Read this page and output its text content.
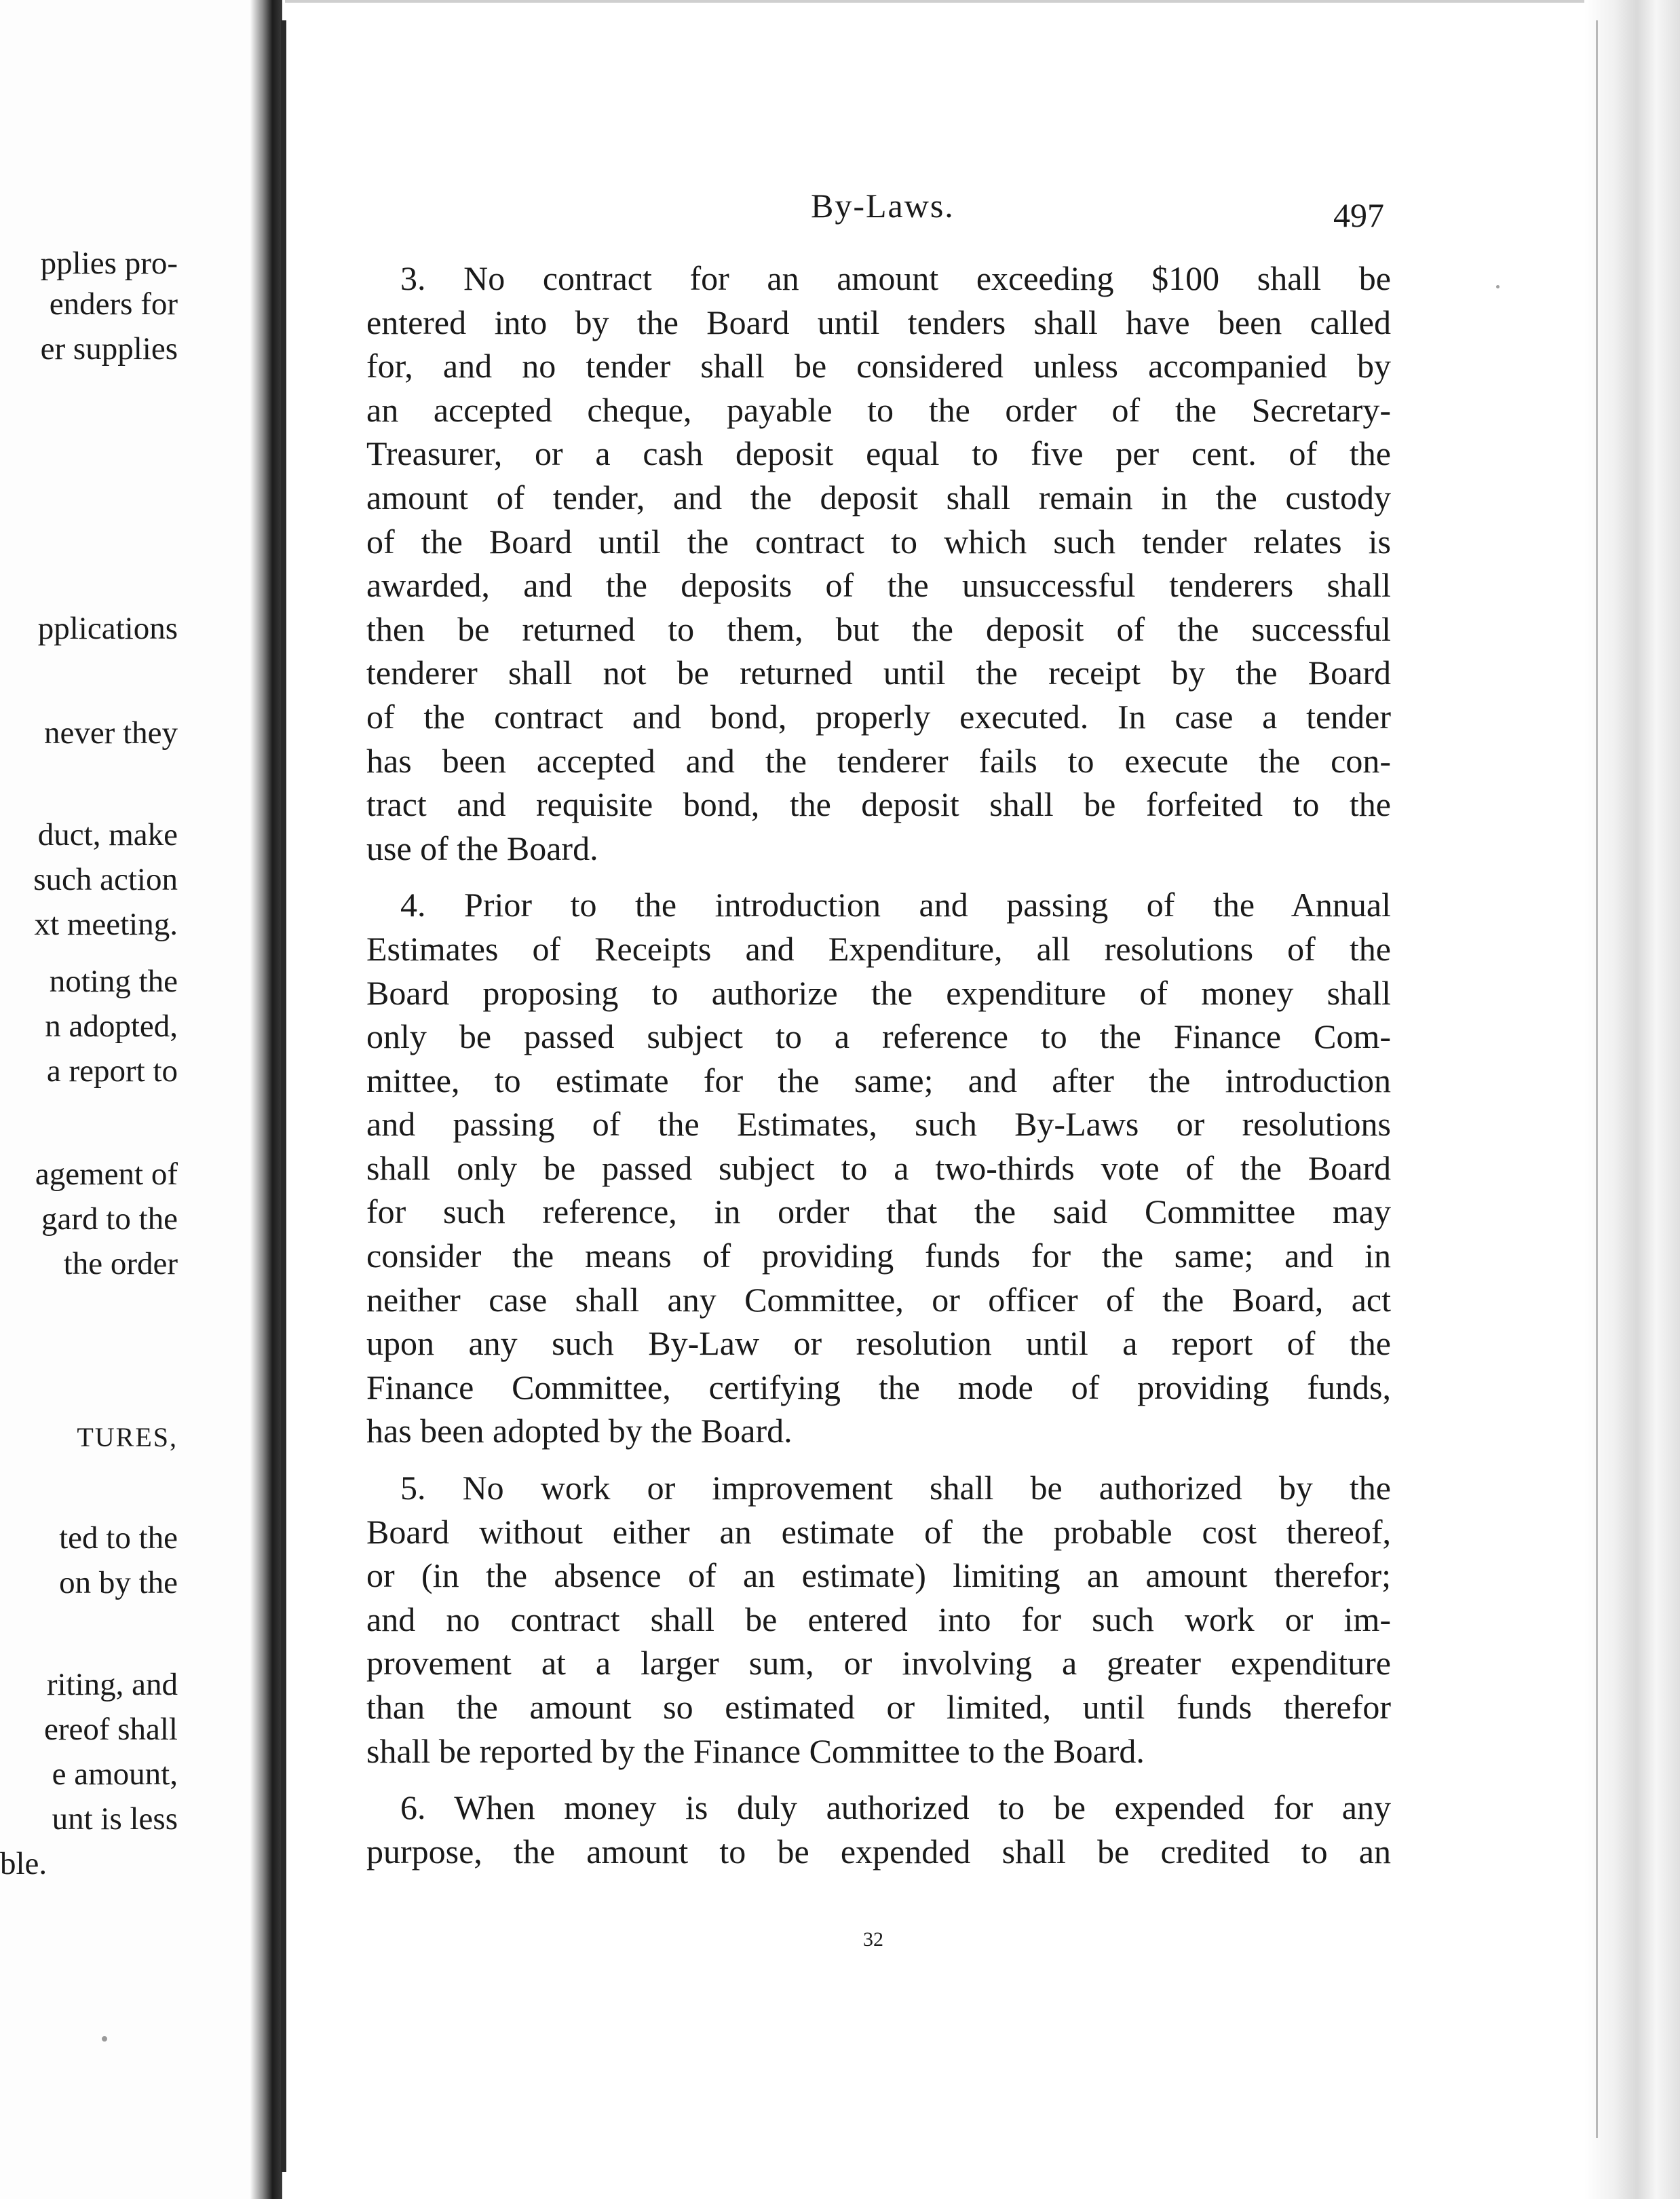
pplies pro-
enders for
er supplies
pplications
never they
duct, make
such action
xt meeting.
noting the
n adopted,
a report to
agement of
gard to the
the order
TURES,
ted to the
on by the
riting, and
ereof shall
e amount,
unt is less
ble.
By-Laws.	497
3. No contract for an amount exceeding $100 shall be
entered into by the Board until tenders shall have been called
for, and no tender shall be considered unless accompanied by
an accepted cheque, payable to the order of the Secretary-
Treasurer, or a cash deposit equal to five per cent. of the
amount of tender, and the deposit shall remain in the custody
of the Board until the contract to which such tender relates is
awarded, and the deposits of the unsuccessful tenderers shall
then be returned to them, but the deposit of the successful
tenderer shall not be returned until the receipt by the Board
of the contract and bond, properly executed. In case a tender
has been accepted and the tenderer fails to execute the con-
tract and requisite bond, the deposit shall be forfeited to the
use of the Board.
4. Prior to the introduction and passing of the Annual
Estimates of Receipts and Expenditure, all resolutions of the
Board proposing to authorize the expenditure of money shall
only be passed subject to a reference to the Finance Com-
mittee, to estimate for the same; and after the introduction
and passing of the Estimates, such By-Laws or resolutions
shall only be passed subject to a two-thirds vote of the Board
for such reference, in order that the said Committee may
consider the means of providing funds for the same; and in
neither case shall any Committee, or officer of the Board, act
upon any such By-Law or resolution until a report of the
Finance Committee, certifying the mode of providing funds,
has been adopted by the Board.
5. No work or improvement shall be authorized by the
Board without either an estimate of the probable cost thereof,
or (in the absence of an estimate) limiting an amount therefor;
and no contract shall be entered into for such work or im-
provement at a larger sum, or involving a greater expenditure
than the amount so estimated or limited, until funds therefor
shall be reported by the Finance Committee to the Board.
6. When money is duly authorized to be expended for any
purpose, the amount to be expended shall be credited to an
32
